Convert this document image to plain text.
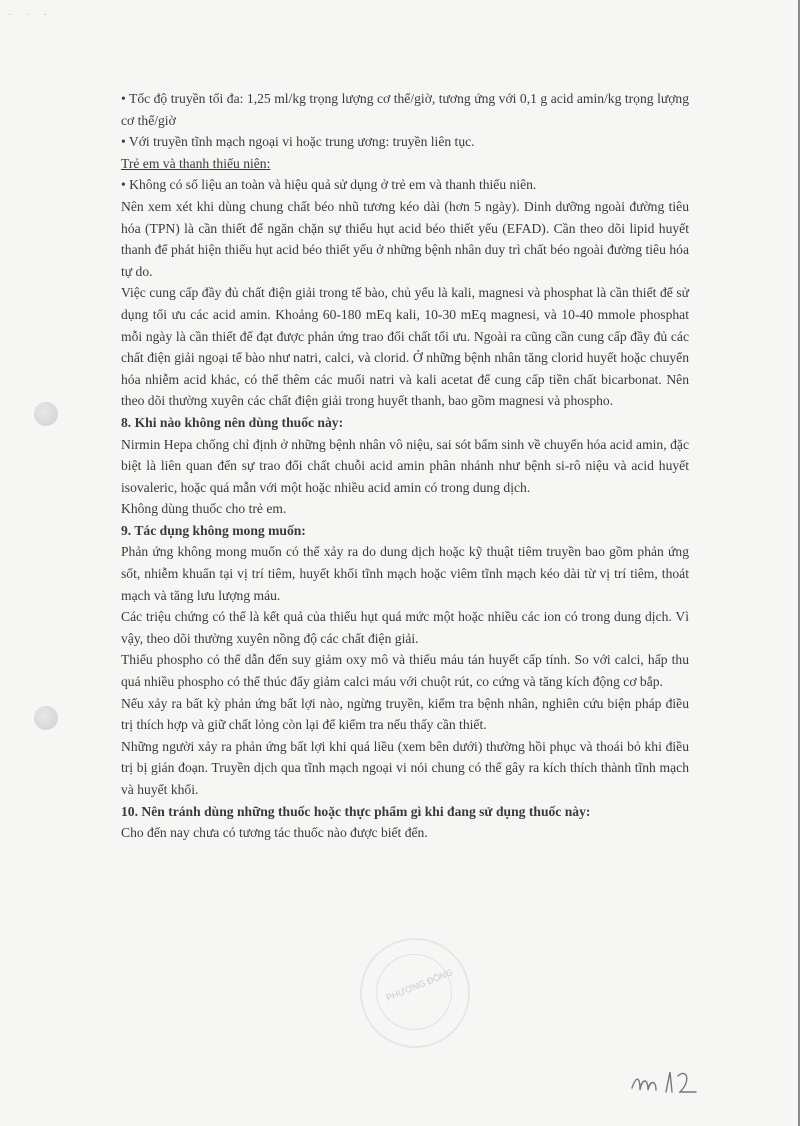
· · ·

• Tốc độ truyền tối đa: 1,25 ml/kg trọng lượng cơ thể/giờ, tương ứng với 0,1 g acid amin/kg trọng lượng cơ thể/giờ

• Với truyền tĩnh mạch ngoại vi hoặc trung ương: truyền liên tục.

Trẻ em và thanh thiếu niên:

• Không có số liệu an toàn và hiệu quả sử dụng ở trẻ em và thanh thiếu niên.

Nên xem xét khi dùng chung chất béo nhũ tương kéo dài (hơn 5 ngày). Dinh dưỡng ngoài đường tiêu hóa (TPN) là cần thiết để ngăn chặn sự thiếu hụt acid béo thiết yếu (EFAD). Cần theo dõi lipid huyết thanh để phát hiện thiếu hụt acid béo thiết yếu ở những bệnh nhân duy trì chất béo ngoài đường tiêu hóa tự do.

Việc cung cấp đầy đủ chất điện giải trong tế bào, chủ yếu là kali, magnesi và phosphat là cần thiết để sử dụng tối ưu các acid amin. Khoảng 60-180 mEq kali, 10-30 mEq magnesi, và 10-40 mmole phosphat mỗi ngày là cần thiết để đạt được phản ứng trao đổi chất tối ưu. Ngoài ra cũng cần cung cấp đầy đủ các chất điện giải ngoại tế bào như natri, calci, và clorid. Ở những bệnh nhân tăng clorid huyết hoặc chuyển hóa nhiễm acid khác, có thể thêm các muối natri và kali acetat để cung cấp tiền chất bicarbonat. Nên theo dõi thường xuyên các chất điện giải trong huyết thanh, bao gồm magnesi và phospho.

8. Khi nào không nên dùng thuốc này:

Nirmin Hepa chống chỉ định ở những bệnh nhân vô niệu, sai sót bẩm sinh về chuyển hóa acid amin, đặc biệt là liên quan đến sự trao đổi chất chuỗi acid amin phân nhánh như bệnh si-rô niệu và acid huyết isovaleric, hoặc quá mẫn với một hoặc nhiều acid amin có trong dung dịch.

Không dùng thuốc cho trẻ em.

9. Tác dụng không mong muốn:

Phản ứng không mong muốn có thể xảy ra do dung dịch hoặc kỹ thuật tiêm truyền bao gồm phản ứng sốt, nhiễm khuẩn tại vị trí tiêm, huyết khối tĩnh mạch hoặc viêm tĩnh mạch kéo dài từ vị trí tiêm, thoát mạch và tăng lưu lượng máu.

Các triệu chứng có thể là kết quả của thiếu hụt quá mức một hoặc nhiều các ion có trong dung dịch. Vì vậy, theo dõi thường xuyên nồng độ các chất điện giải.

Thiếu phospho có thể dẫn đến suy giảm oxy mô và thiếu máu tán huyết cấp tính. So với calci, hấp thu quá nhiều phospho có thể thúc đẩy giảm calci máu với chuột rút, co cứng và tăng kích động cơ bắp.

Nếu xảy ra bất kỳ phản ứng bất lợi nào, ngừng truyền, kiểm tra bệnh nhân, nghiên cứu biện pháp điều trị thích hợp và giữ chất lỏng còn lại để kiểm tra nếu thấy cần thiết.

Những người xảy ra phản ứng bất lợi khi quá liều (xem bên dưới) thường hồi phục và thoái bỏ khi điều trị bị gián đoạn. Truyền dịch qua tĩnh mạch ngoại vi nói chung có thể gây ra kích thích thành tĩnh mạch và huyết khối.

10. Nên tránh dùng những thuốc hoặc thực phẩm gì khi đang sử dụng thuốc này:

Cho đến nay chưa có tương tác thuốc nào được biết đến.

PHƯƠNG ĐÔNG
